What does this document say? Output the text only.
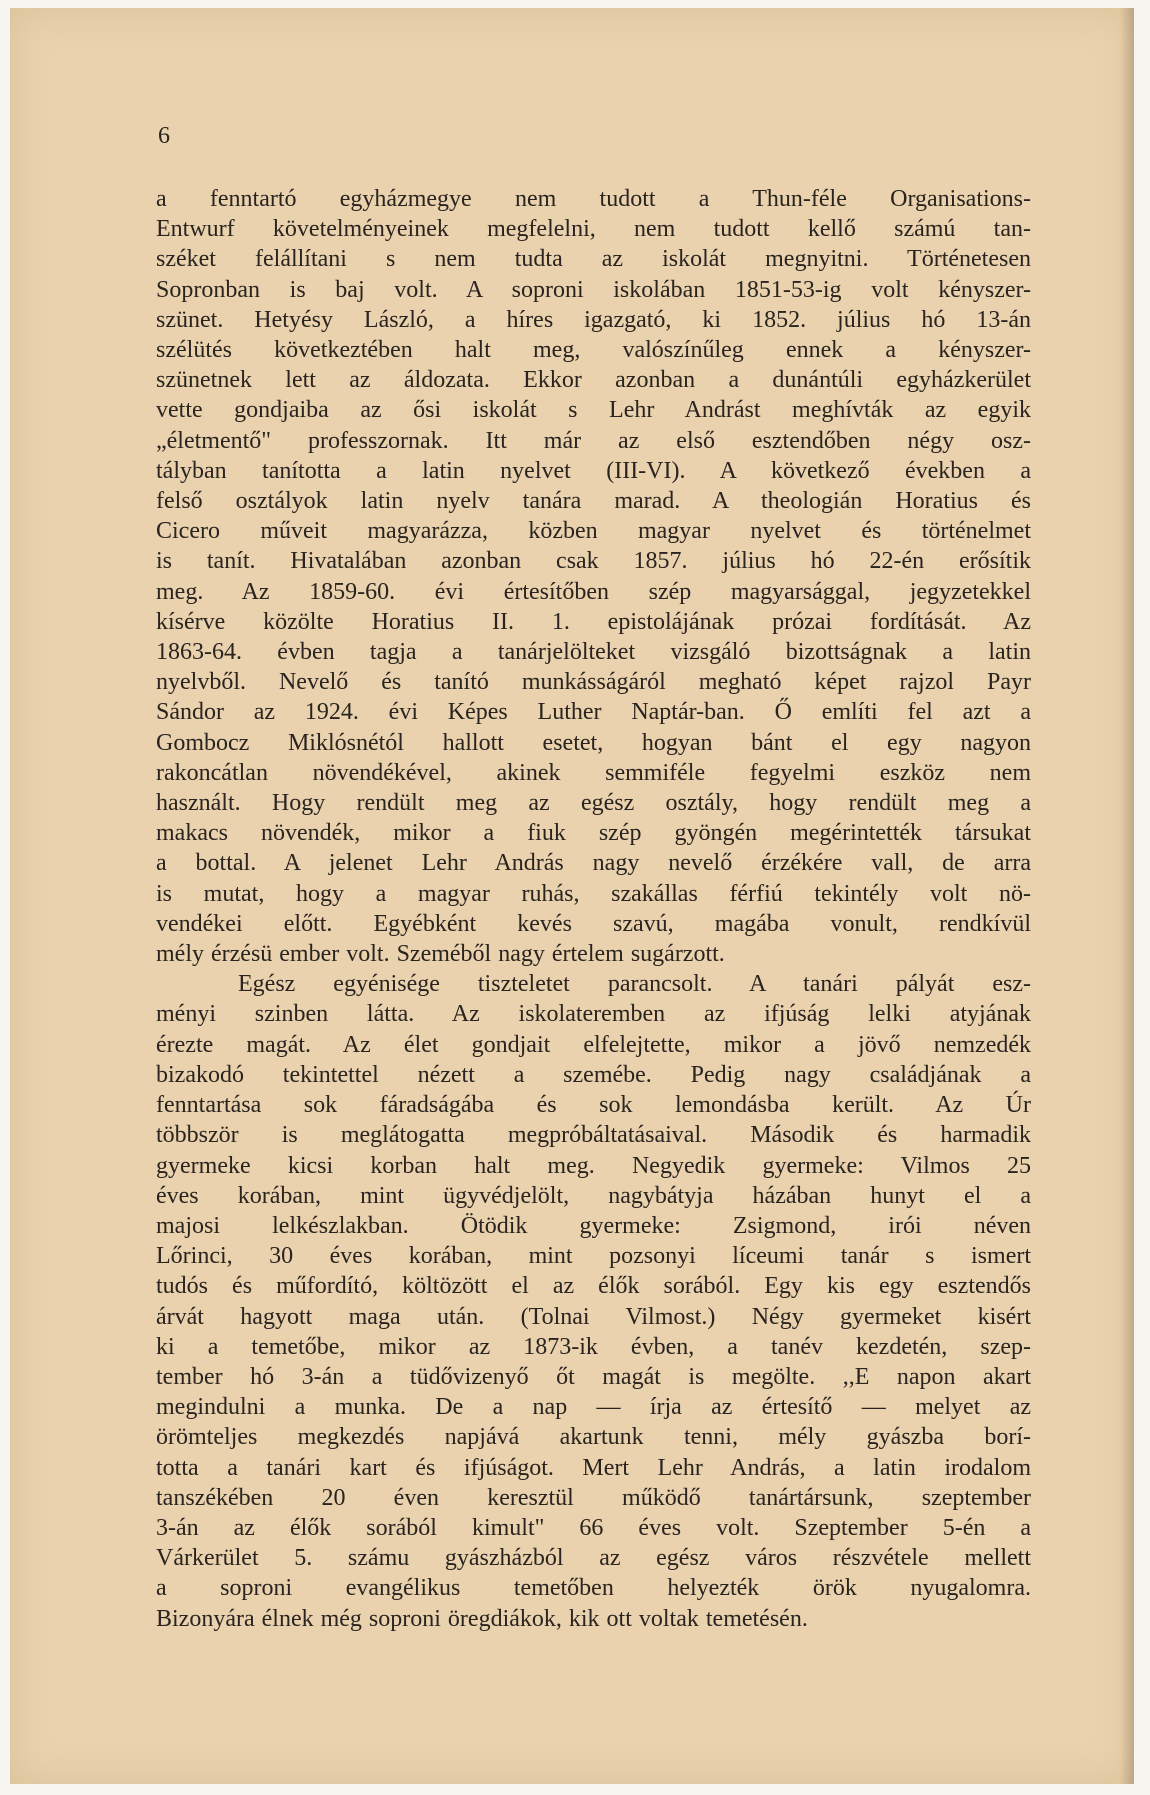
6

a fenntartó egyházmegye nem tudott a Thun-féle Organisations-

Entwurf követelményeinek megfelelni, nem tudott kellő számú tan-

széket felállítani s nem tudta az iskolát megnyitni. Történetesen

Sopronban is baj volt. A soproni iskolában 1851-53-ig volt kényszer-

szünet. Hetyésy László, a híres igazgató, ki 1852. július hó 13-án

szélütés következtében halt meg, valószínűleg ennek a kényszer-

szünetnek lett az áldozata. Ekkor azonban a dunántúli egyházkerület

vette gondjaiba az ősi iskolát s Lehr Andrást meghívták az egyik

„életmentő" professzornak. Itt már az első esztendőben négy osz-

tályban tanította a latin nyelvet (III-VI). A következő években a

felső osztályok latin nyelv tanára marad. A theologián Horatius és

Cicero műveit magyarázza, közben magyar nyelvet és történelmet

is tanít. Hivatalában azonban csak 1857. július hó 22-én erősítik

meg. Az 1859-60. évi értesítőben szép magyarsággal, jegyzetekkel

kísérve közölte Horatius II. 1. epistolájának prózai fordítását. Az

1863-64. évben tagja a tanárjelölteket vizsgáló bizottságnak a latin

nyelvből. Nevelő és tanító munkásságáról megható képet rajzol Payr

Sándor az 1924. évi Képes Luther Naptár-ban. Ő említi fel azt a

Gombocz Miklósnétól hallott esetet, hogyan bánt el egy nagyon

rakoncátlan növendékével, akinek semmiféle fegyelmi eszköz nem

használt. Hogy rendült meg az egész osztály, hogy rendült meg a

makacs növendék, mikor a fiuk szép gyöngén megérintették társukat

a bottal. A jelenet Lehr András nagy nevelő érzékére vall, de arra

is mutat, hogy a magyar ruhás, szakállas férfiú tekintély volt nö-

vendékei előtt. Egyébként kevés szavú, magába vonult, rendkívül

mély érzésü ember volt. Szeméből nagy értelem sugárzott.

Egész egyénisége tiszteletet parancsolt. A tanári pályát esz-

ményi szinben látta. Az iskolateremben az ifjúság lelki atyjának

érezte magát. Az élet gondjait elfelejtette, mikor a jövő nemzedék

bizakodó tekintettel nézett a szemébe. Pedig nagy családjának a

fenntartása sok fáradságába és sok lemondásba került. Az Úr

többször is meglátogatta megpróbáltatásaival. Második és harmadik

gyermeke kicsi korban halt meg. Negyedik gyermeke: Vilmos 25

éves korában, mint ügyvédjelölt, nagybátyja házában hunyt el a

majosi lelkészlakban. Ötödik gyermeke: Zsigmond, irói néven

Lőrinci, 30 éves korában, mint pozsonyi líceumi tanár s ismert

tudós és műfordító, költözött el az élők sorából. Egy kis egy esztendős

árvát hagyott maga után. (Tolnai Vilmost.) Négy gyermeket kisért

ki a temetőbe, mikor az 1873-ik évben, a tanév kezdetén, szep-

tember hó 3-án a tüdővizenyő őt magát is megölte. ,,E napon akart

megindulni a munka. De a nap — írja az értesítő — melyet az

örömteljes megkezdés napjává akartunk tenni, mély gyászba borí-

totta a tanári kart és ifjúságot. Mert Lehr András, a latin irodalom

tanszékében 20 éven keresztül működő tanártársunk, szeptember

3-án az élők sorából kimult" 66 éves volt. Szeptember 5-én a

Várkerület 5. számu gyászházból az egész város részvétele mellett

a soproni evangélikus temetőben helyezték örök nyugalomra.

Bizonyára élnek még soproni öregdiákok, kik ott voltak temetésén.
